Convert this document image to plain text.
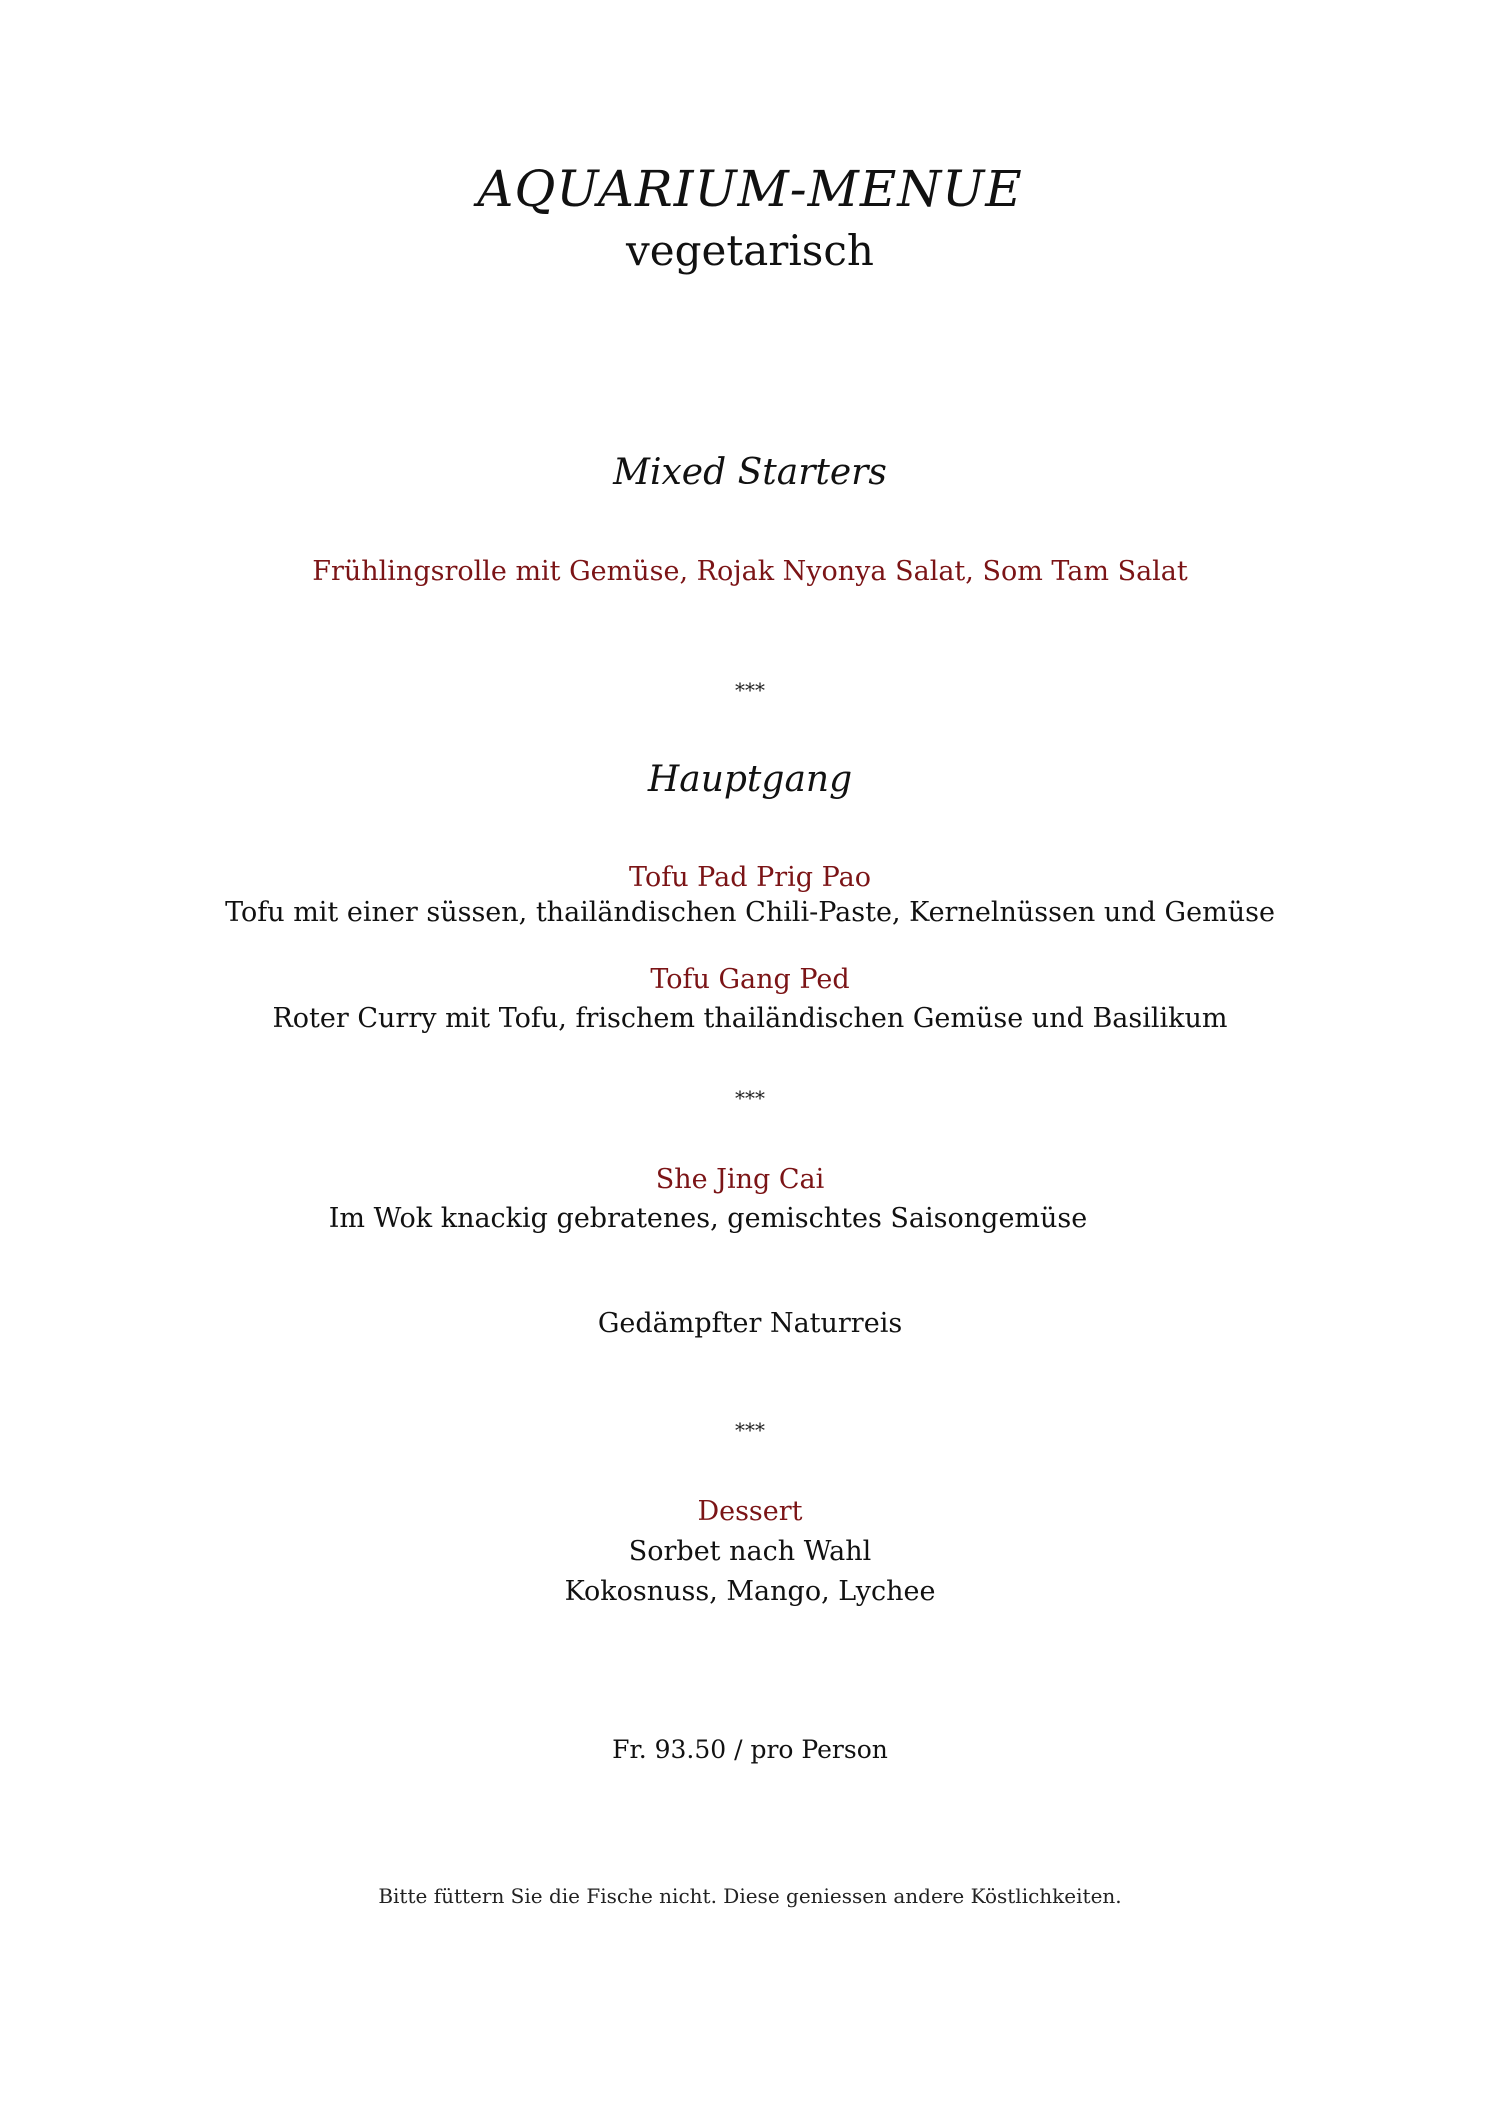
AQUARIUM-MENUE
vegetarisch
Mixed Starters
Frühlingsrolle mit Gemüse, Rojak Nyonya Salat, Som Tam Salat
***
Hauptgang
Tofu Pad Prig Pao
Tofu mit einer süssen, thailändischen Chili-Paste, Kernelnüssen und Gemüse
Tofu Gang Ped
Roter Curry mit Tofu, frischem thailändischen Gemüse und Basilikum
***
She Jing Cai
Im Wok knackig gebratenes, gemischtes Saisongemüse
Gedämpfter Naturreis
***
Dessert
Sorbet nach Wahl
Kokosnuss, Mango, Lychee
Fr. 93.50 / pro Person
Bitte füttern Sie die Fische nicht. Diese geniessen andere Köstlichkeiten.
